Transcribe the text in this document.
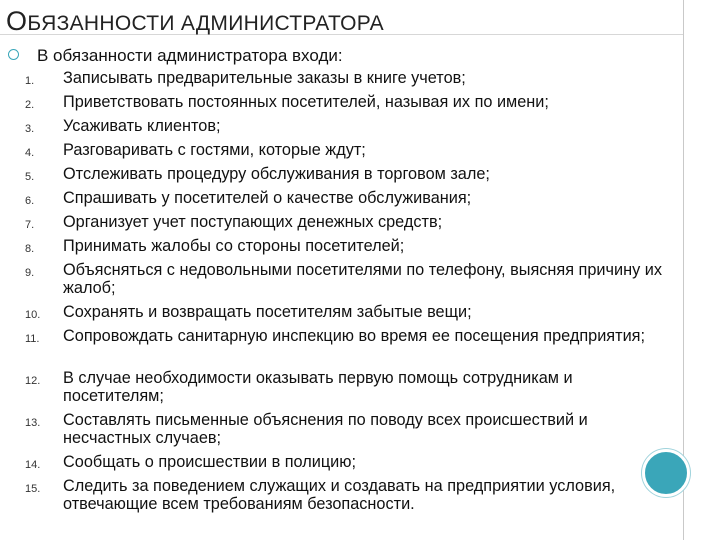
ОБЯЗАННОСТИ АДМИНИСТРАТОРА
В обязанности администратора входи:
1. Записывать предварительные заказы в книге учетов;
2. Приветствовать постоянных посетителей, называя их по имени;
3. Усаживать клиентов;
4. Разговаривать с гостями, которые ждут;
5. Отслеживать процедуру обслуживания в торговом зале;
6. Спрашивать у посетителей о качестве обслуживания;
7. Организует учет поступающих денежных средств;
8. Принимать жалобы со стороны посетителей;
9. Объясняться с недовольными посетителями по телефону, выясняя причину их жалоб;
10. Сохранять и возвращать посетителям забытые вещи;
11. Сопровождать санитарную инспекцию во время ее посещения предприятия;
12. В случае необходимости оказывать первую помощь сотрудникам и посетителям;
13. Составлять письменные объяснения по поводу всех происшествий и несчастных случаев;
14. Сообщать о происшествии в полицию;
15. Следить за поведением служащих и создавать на предприятии условия, отвечающие всем требованиям безопасности.
